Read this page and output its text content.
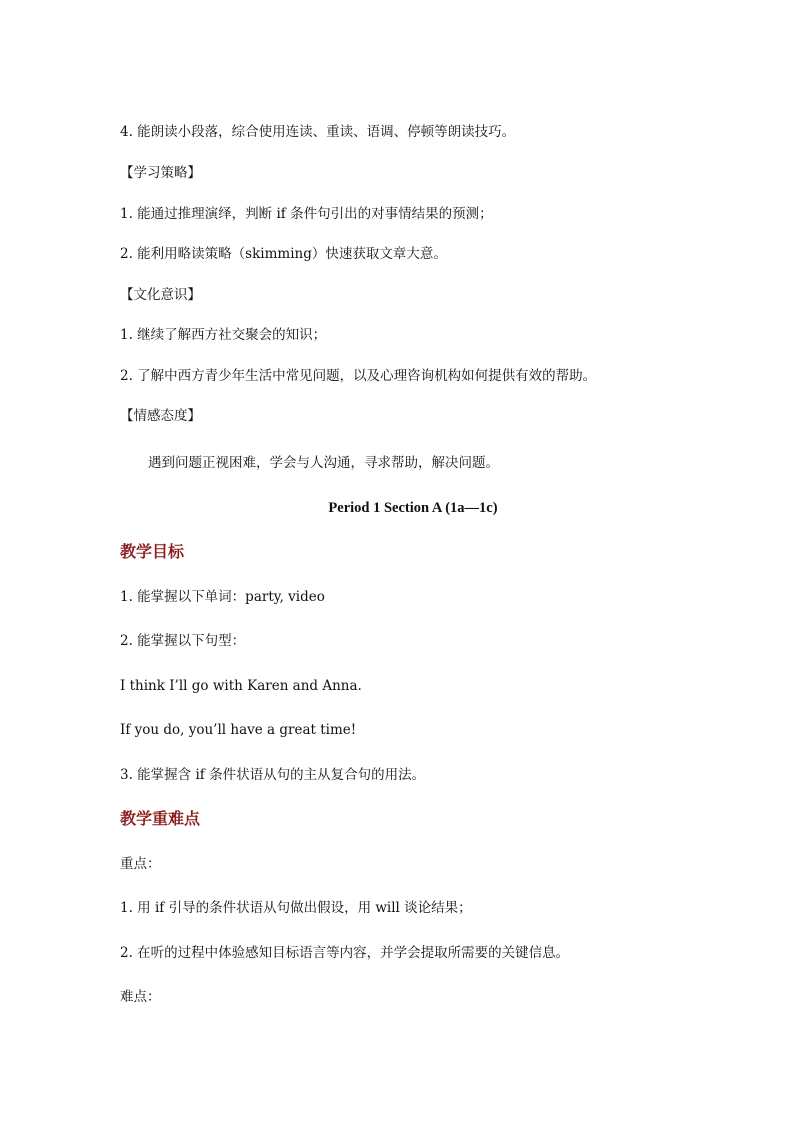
4. 能朗读小段落，综合使用连读、重读、语调、停顿等朗读技巧。

【学习策略】

1. 能通过推理演绎，判断 if 条件句引出的对事情结果的预测；

2. 能利用略读策略（skimming）快速获取文章大意。

【文化意识】

1. 继续了解西方社交聚会的知识；

2. 了解中西方青少年生活中常见问题，以及心理咨询机构如何提供有效的帮助。

【情感态度】

遇到问题正视困难，学会与人沟通，寻求帮助，解决问题。

Period 1 Section A (1a—1c)

教学目标

1. 能掌握以下单词：party, video

2. 能掌握以下句型：

I think I’ll go with Karen and Anna.

If you do, you’ll have a great time!

3. 能掌握含 if 条件状语从句的主从复合句的用法。

教学重难点

重点：

1. 用 if 引导的条件状语从句做出假设，用 will 谈论结果；

2. 在听的过程中体验感知目标语言等内容，并学会提取所需要的关键信息。

难点：
